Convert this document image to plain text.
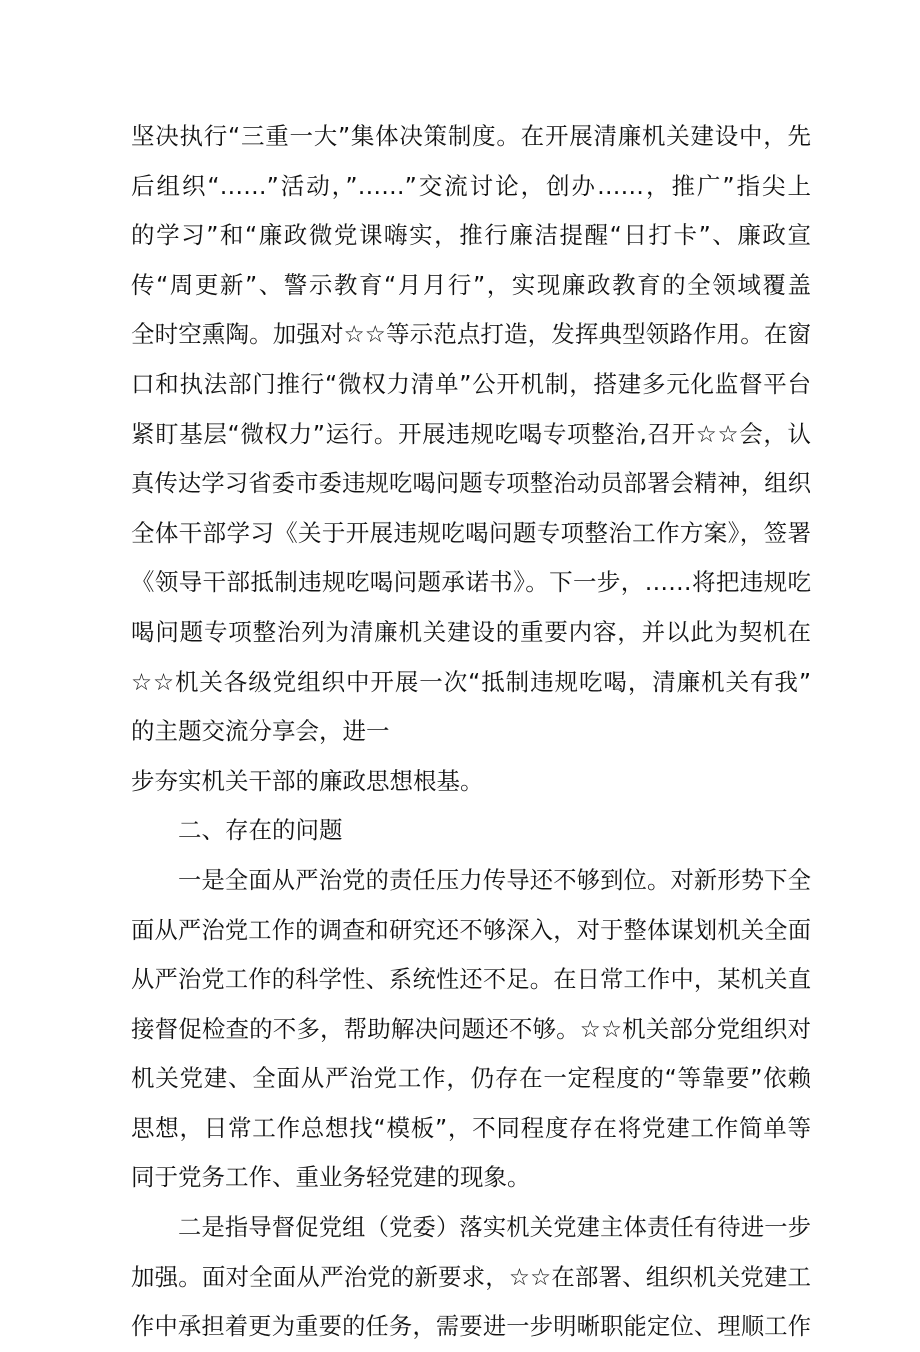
坚决执行“三重一大”集体决策制度。在开展清廉机关建设中，先
后组织“……”活动，”……”交流讨论，创办……，推广”指尖上
的学习”和“廉政微党课嗨实，推行廉洁提醒“日打卡”、廉政宣
传“周更新”、警示教育“月月行”，实现廉政教育的全领域覆盖
全时空熏陶。加强对☆☆等示范点打造，发挥典型领路作用。在窗
口和执法部门推行“微权力清单”公开机制，搭建多元化监督平台
紧盯基层“微权力”运行。开展违规吃喝专项整治,召开☆☆会，认
真传达学习省委市委违规吃喝问题专项整治动员部署会精神，组织
全体干部学习《关于开展违规吃喝问题专项整治工作方案》，签署
《领导干部抵制违规吃喝问题承诺书》。下一步，……将把违规吃
喝问题专项整治列为清廉机关建设的重要内容，并以此为契机在
☆☆机关各级党组织中开展一次“抵制违规吃喝，清廉机关有我”
的主题交流分享会，进一
步夯实机关干部的廉政思想根基。
二、存在的问题
一是全面从严治党的责任压力传导还不够到位。对新形势下全
面从严治党工作的调查和研究还不够深入，对于整体谋划机关全面
从严治党工作的科学性、系统性还不足。在日常工作中，某机关直
接督促检查的不多，帮助解决问题还不够。☆☆机关部分党组织对
机关党建、全面从严治党工作，仍存在一定程度的“等靠要”依赖
思想，日常工作总想找“模板”，不同程度存在将党建工作简单等
同于党务工作、重业务轻党建的现象。
二是指导督促党组（党委）落实机关党建主体责任有待进一步
加强。面对全面从严治党的新要求，☆☆在部署、组织机关党建工
作中承担着更为重要的任务，需要进一步明晰职能定位、理顺工作
